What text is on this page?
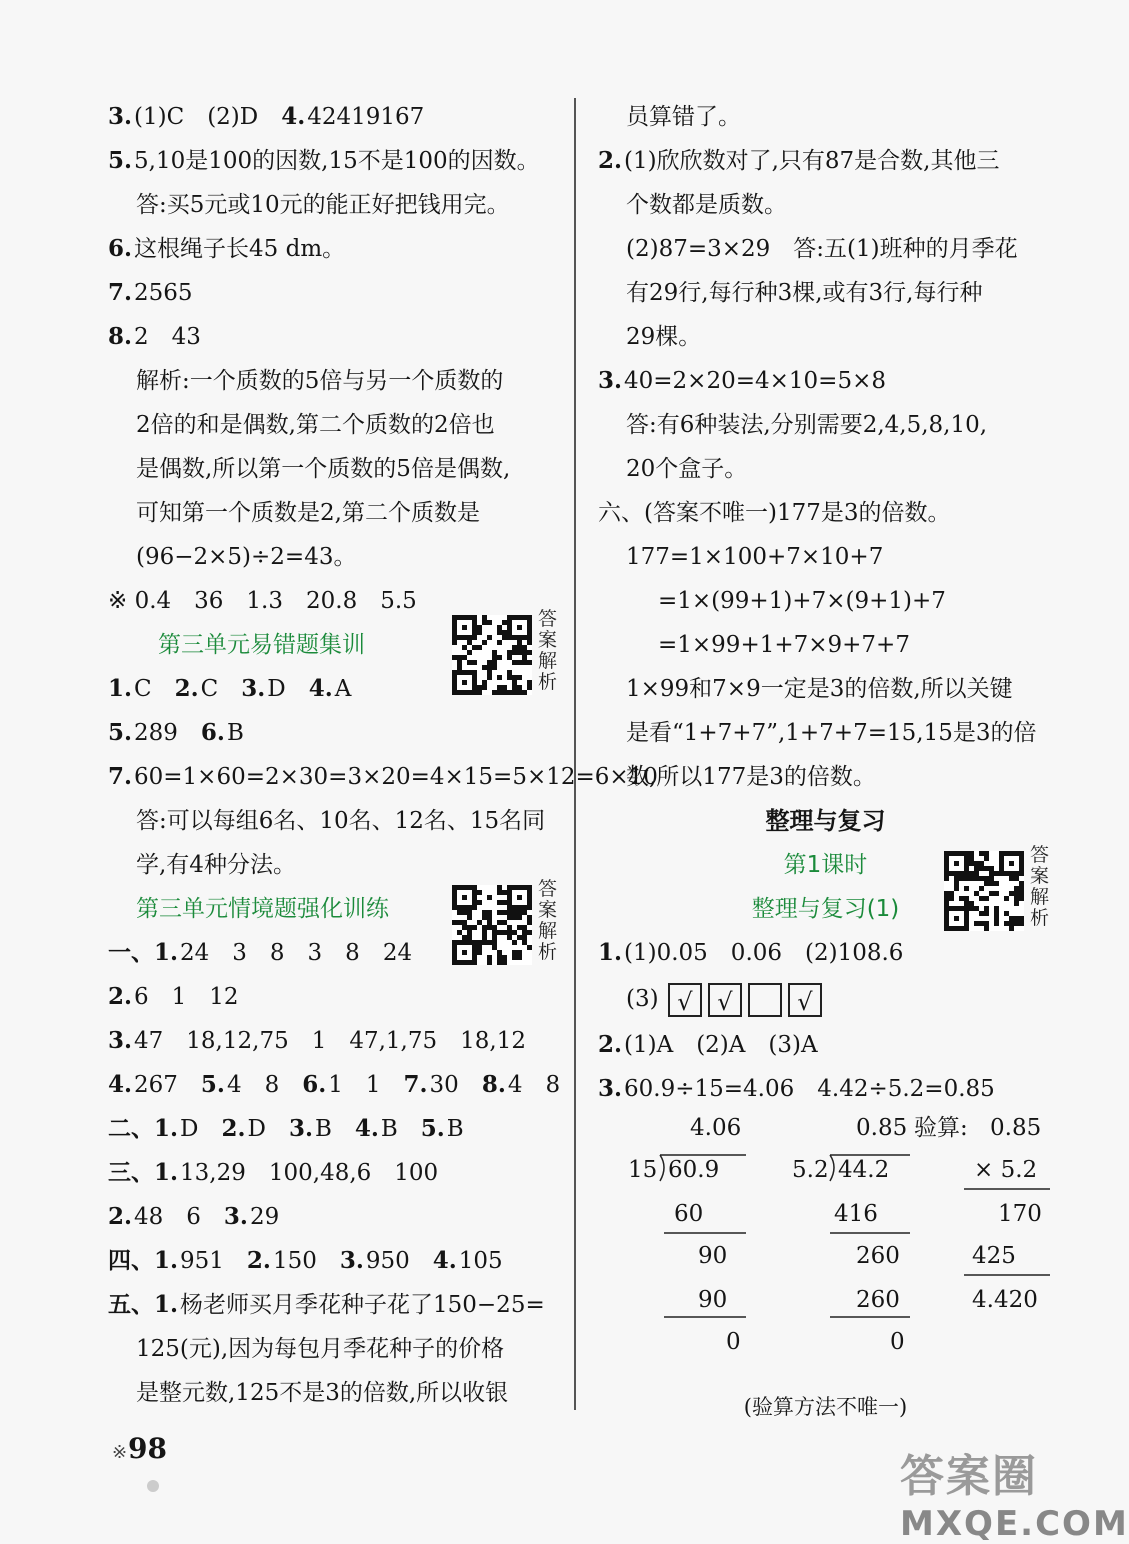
3.(1)C　(2)D　4.42419167
5.5,10是100的因数,15不是100的因数。
答:买5元或10元的能正好把钱用完。
6.这根绳子长45 dm。
7.2565
8.2　43
解析:一个质数的5倍与另一个质数的
2倍的和是偶数,第二个质数的2倍也
是偶数,所以第一个质数的5倍是偶数,
可知第一个质数是2,第二个质数是
(96−2×5)÷2=43。
※ 0.4　36　1.3　20.8　5.5
第三单元易错题集训
答
案
解
析
1.C　2.C　3.D　4.A
5.289　6.B
7.60=1×60=2×30=3×20=4×15=5×12=6×10
答:可以每组6名、10名、12名、15名同
学,有4种分法。
第三单元情境题强化训练
答
案
解
析
一、1.24　3　8　3　8　24
2.6　1　12
3.47　18,12,75　1　47,1,75　18,12
4.267　5.4　8　6.1　1　7.30　8.4　8
二、1.D　2.D　3.B　4.B　5.B
三、1.13,29　100,48,6　100
2.48　6　3.29
四、1.951　2.150　3.950　4.105
五、1.杨老师买月季花种子花了150−25=
125(元),因为每包月季花种子的价格
是整元数,125不是3的倍数,所以收银
员算错了。
2.(1)欣欣数对了,只有87是合数,其他三
个数都是质数。
(2)87=3×29　答:五(1)班种的月季花
有29行,每行种3棵,或有3行,每行种
29棵。
3.40=2×20=4×10=5×8
答:有6种装法,分别需要2,4,5,8,10,
20个盒子。
六、(答案不唯一)177是3的倍数。
177=1×100+7×10+7
=1×(99+1)+7×(9+1)+7
=1×99+1+7×9+7+7
1×99和7×9一定是3的倍数,所以关键
是看“1+7+7”,1+7+7=15,15是3的倍
数,所以177是3的倍数。
整理与复习
第1课时
整理与复习(1)
答
案
解
析
1.(1)0.05　0.06　(2)108.6
(3) √	√	√
2.(1)A　(2)A　(3)A
3.60.9÷15=4.06　4.42÷5.2=0.85
4.06
15 60.9
60
90
90
0
0.85
5.2 44.2
416
260
260
0
验算: 0.85
× 5.2
170
425
4.420
(验算方法不唯一)
※ 98
答案圈
MXQE.COM
